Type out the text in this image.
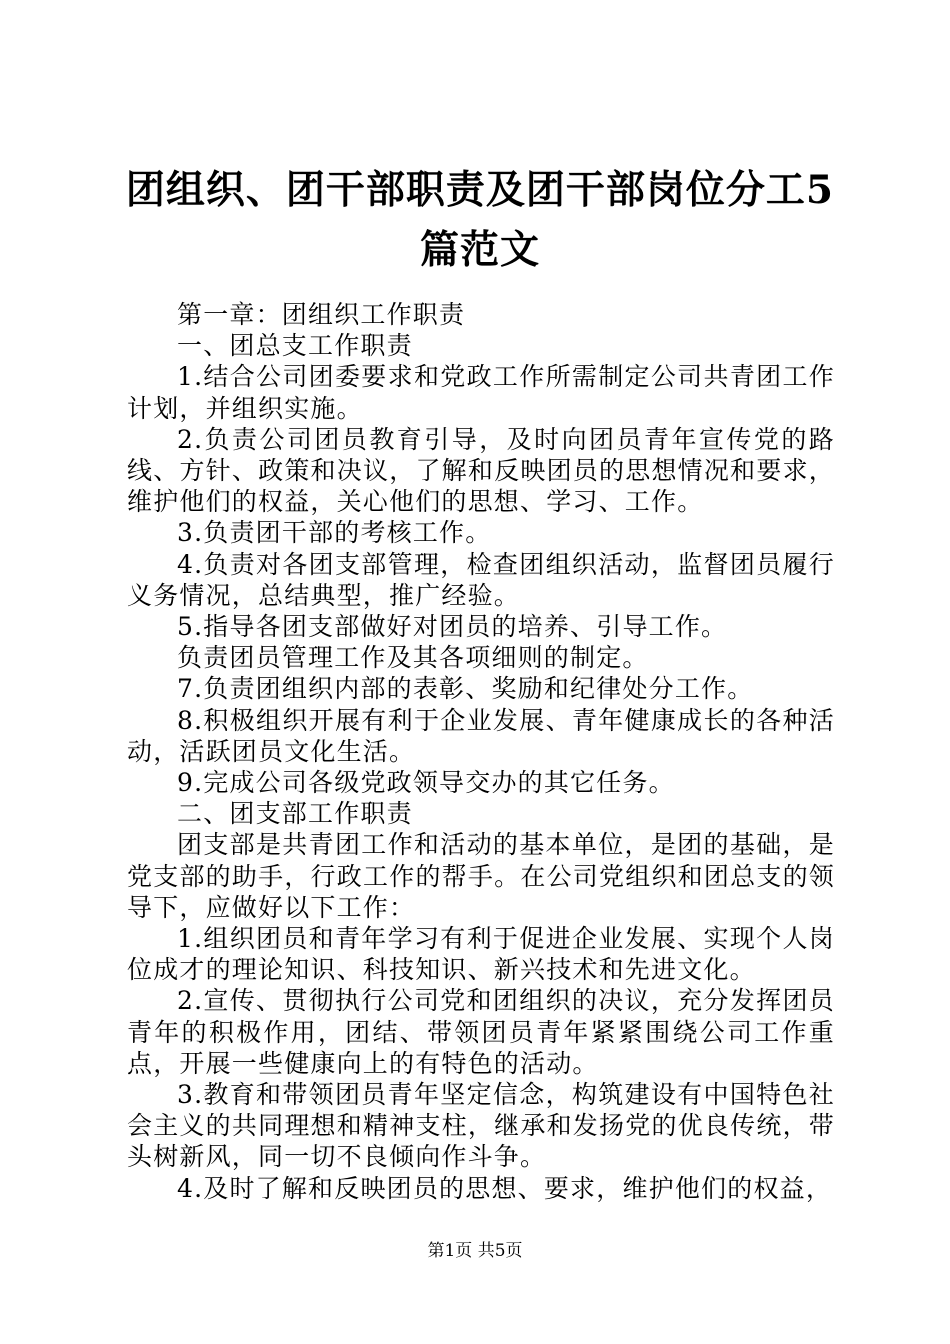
团组织、团干部职责及团干部岗位分工5篇范文

第一章：团组织工作职责

一、团总支工作职责

1.结合公司团委要求和党政工作所需制定公司共青团工作计划，并组织实施。

2.负责公司团员教育引导，及时向团员青年宣传党的路线、方针、政策和决议，了解和反映团员的思想情况和要求，维护他们的权益，关心他们的思想、学习、工作。

3.负责团干部的考核工作。

4.负责对各团支部管理，检查团组织活动，监督团员履行义务情况，总结典型，推广经验。

5.指导各团支部做好对团员的培养、引导工作。

负责团员管理工作及其各项细则的制定。

7.负责团组织内部的表彰、奖励和纪律处分工作。

8.积极组织开展有利于企业发展、青年健康成长的各种活动，活跃团员文化生活。

9.完成公司各级党政领导交办的其它任务。

二、团支部工作职责

团支部是共青团工作和活动的基本单位，是团的基础，是党支部的助手，行政工作的帮手。在公司党组织和团总支的领导下，应做好以下工作：

1.组织团员和青年学习有利于促进企业发展、实现个人岗位成才的理论知识、科技知识、新兴技术和先进文化。

2.宣传、贯彻执行公司党和团组织的决议，充分发挥团员青年的积极作用，团结、带领团员青年紧紧围绕公司工作重点，开展一些健康向上的有特色的活动。

3.教育和带领团员青年坚定信念，构筑建设有中国特色社会主义的共同理想和精神支柱，继承和发扬党的优良传统，带头树新风，同一切不良倾向作斗争。

4.及时了解和反映团员的思想、要求，维护他们的权益，

第1页 共5页
